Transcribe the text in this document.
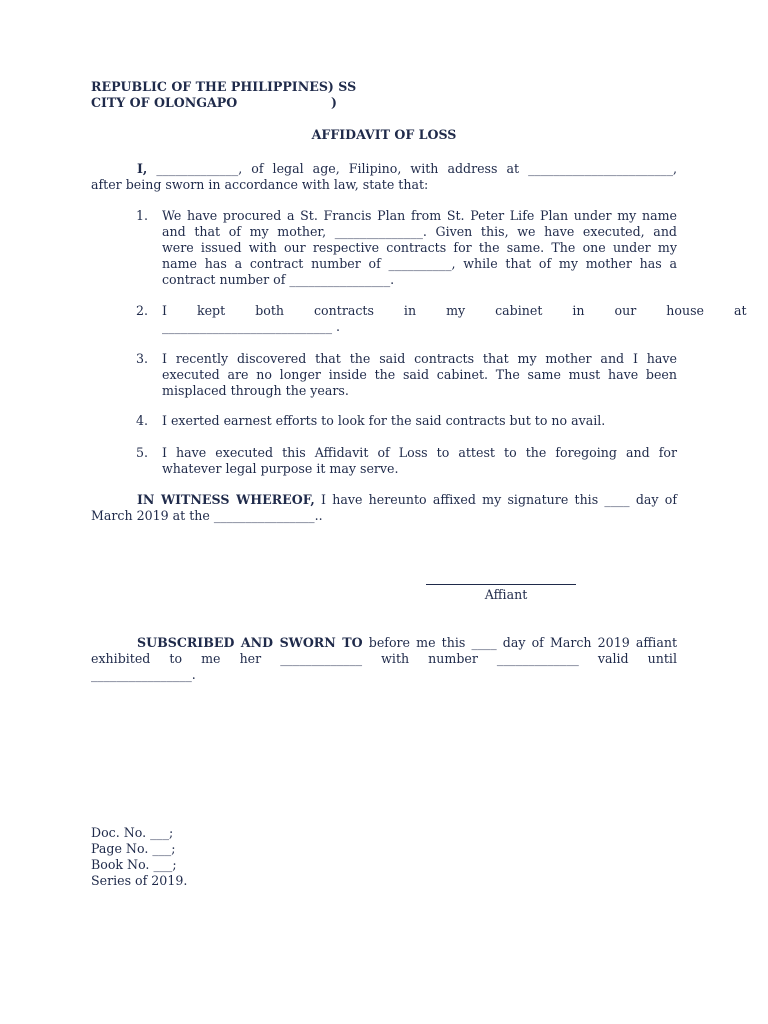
REPUBLIC OF THE PHILIPPINES) SS
CITY OF OLONGAPO	)
AFFIDAVIT OF LOSS
I, _____________, of legal age, Filipino, with address at _______________________,
after being sworn in accordance with law, state that:
1.	We have procured a St. Francis Plan from St. Peter Life Plan under my name
and that of my mother, ______________. Given this, we have executed, and
were issued with our respective contracts for the same. The one under my
name has a contract number of __________, while that of my mother has a
contract number of ________________.
2.	I kept both contracts in my cabinet in our house at
___________________________ .
3.	I recently discovered that the said contracts that my mother and I have
executed are no longer inside the said cabinet. The same must have been
misplaced through the years.
4.	I exerted earnest efforts to look for the said contracts but to no avail.
5.	I have executed this Affidavit of Loss to attest to the foregoing and for
whatever legal purpose it may serve.
IN WITNESS WHEREOF, I have hereunto affixed my signature this ____ day of
March 2019 at the ________________..
Affiant
SUBSCRIBED AND SWORN TO before me this ____ day of March 2019 affiant
exhibited to me her _____________ with number _____________ valid until
________________.
Doc. No. ___;
Page No. ___;
Book No. ___;
Series of 2019.
